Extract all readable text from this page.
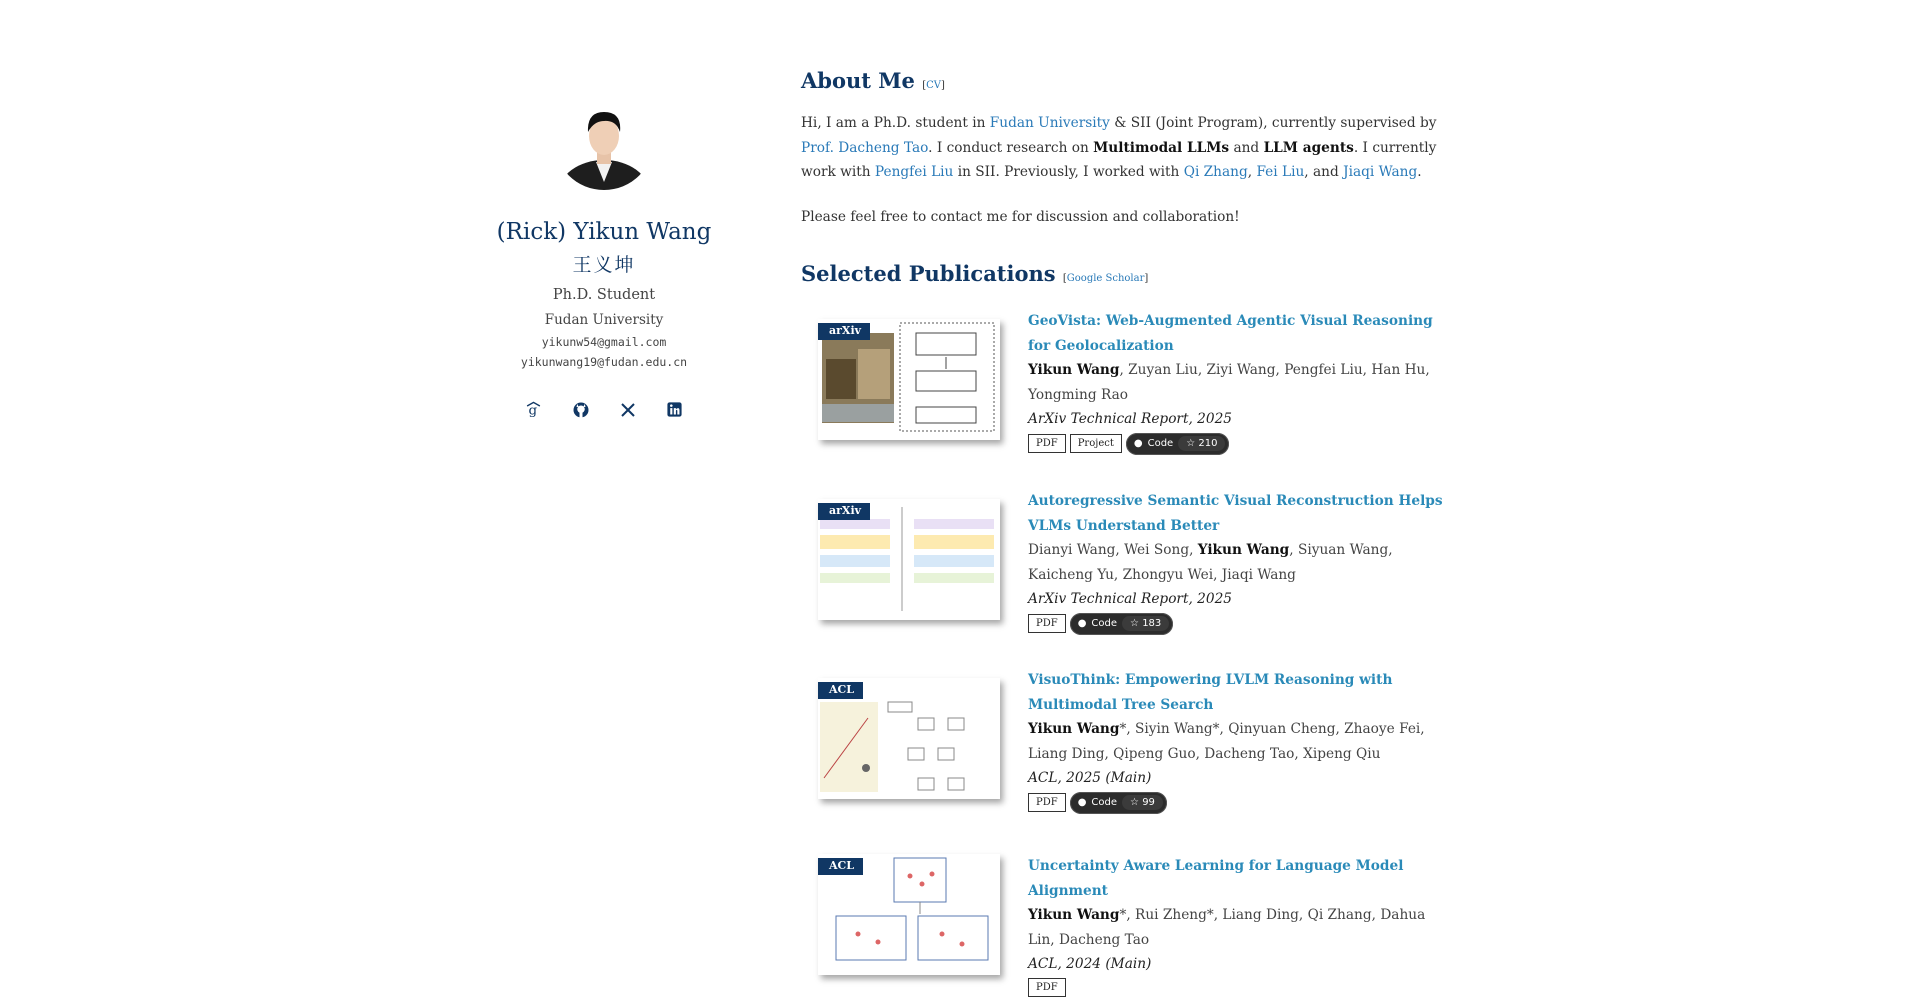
(Rick) Yikun Wang
王义坤
Ph.D. Student
Fudan University
yikunw54@gmail.com
yikunwang19@fudan.edu.cn
g
About Me [CV]

Hi, I am a Ph.D. student in Fudan University & SII (Joint Program), currently supervised by Prof. Dacheng Tao. I conduct research on Multimodal LLMs and LLM agents. I currently work with Pengfei Liu in SII. Previously, I worked with Qi Zhang, Fei Liu, and Jiaqi Wang.

Please feel free to contact me for discussion and collaboration!

Selected Publications [Google Scholar]
arXiv
GeoVista: Web-Augmented Agentic Visual Reasoning for Geolocalization
Yikun Wang, Zuyan Liu, Ziyi Wang, Pengfei Liu, Han Hu, Yongming Rao
ArXiv Technical Report, 2025
PDF	Project	● Code	☆ 210
arXiv
Autoregressive Semantic Visual Reconstruction Helps VLMs Understand Better
Dianyi Wang, Wei Song, Yikun Wang, Siyuan Wang, Kaicheng Yu, Zhongyu Wei, Jiaqi Wang
ArXiv Technical Report, 2025
PDF	● Code	☆ 183
ACL
VisuoThink: Empowering LVLM Reasoning with Multimodal Tree Search
Yikun Wang*, Siyin Wang*, Qinyuan Cheng, Zhaoye Fei, Liang Ding, Qipeng Guo, Dacheng Tao, Xipeng Qiu
ACL, 2025 (Main)
PDF	● Code	☆ 99
ACL	Uncertainty Aware Learning for Language Model Alignment
Yikun Wang*, Rui Zheng*, Liang Ding, Qi Zhang, Dahua Lin, Dacheng Tao
ACL, 2024 (Main)
PDF
